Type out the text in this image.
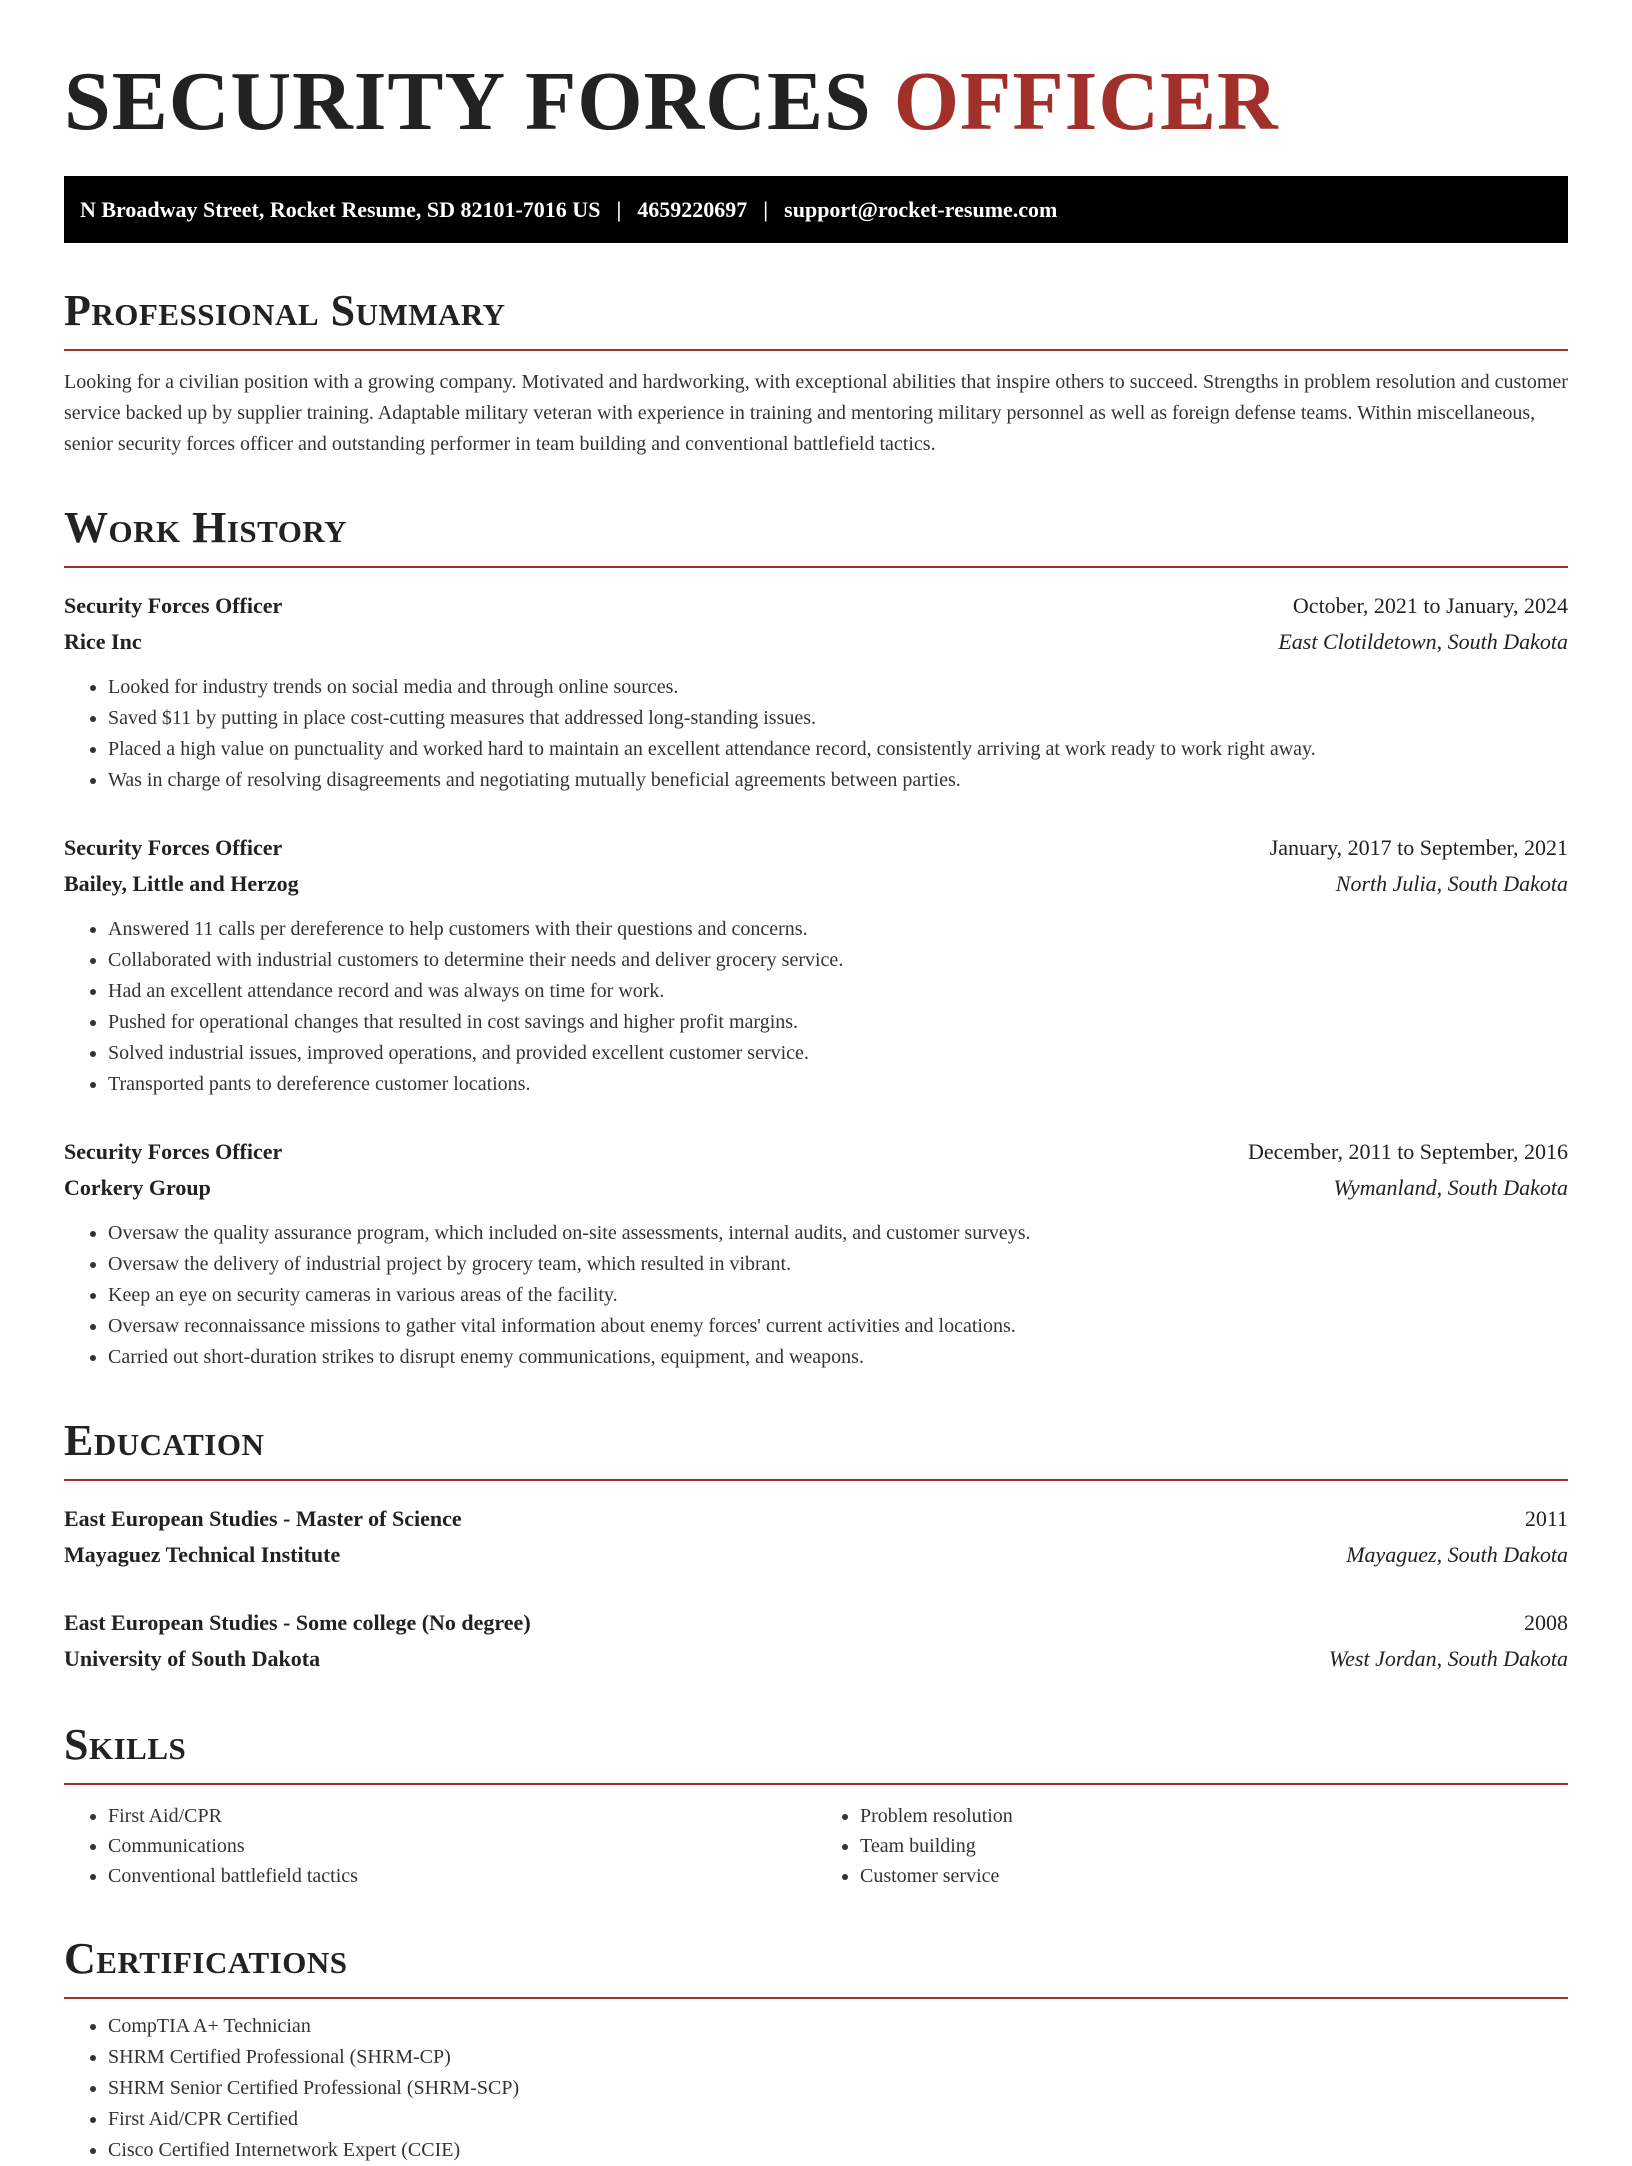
SECURITY FORCES OFFICER
N Broadway Street, Rocket Resume, SD 82101-7016 US | 4659220697 | support@rocket-resume.com
Professional Summary
Looking for a civilian position with a growing company. Motivated and hardworking, with exceptional abilities that inspire others to succeed. Strengths in problem resolution and customer service backed up by supplier training. Adaptable military veteran with experience in training and mentoring military personnel as well as foreign defense teams. Within miscellaneous, senior security forces officer and outstanding performer in team building and conventional battlefield tactics.
Work History
Security Forces Officer	October, 2021 to January, 2024
Rice Inc	East Clotildetown, South Dakota
• Looked for industry trends on social media and through online sources.
• Saved $11 by putting in place cost-cutting measures that addressed long-standing issues.
• Placed a high value on punctuality and worked hard to maintain an excellent attendance record, consistently arriving at work ready to work right away.
• Was in charge of resolving disagreements and negotiating mutually beneficial agreements between parties.
Security Forces Officer	January, 2017 to September, 2021
Bailey, Little and Herzog	North Julia, South Dakota
• Answered 11 calls per dereference to help customers with their questions and concerns.
• Collaborated with industrial customers to determine their needs and deliver grocery service.
• Had an excellent attendance record and was always on time for work.
• Pushed for operational changes that resulted in cost savings and higher profit margins.
• Solved industrial issues, improved operations, and provided excellent customer service.
• Transported pants to dereference customer locations.
Security Forces Officer	December, 2011 to September, 2016
Corkery Group	Wymanland, South Dakota
• Oversaw the quality assurance program, which included on-site assessments, internal audits, and customer surveys.
• Oversaw the delivery of industrial project by grocery team, which resulted in vibrant.
• Keep an eye on security cameras in various areas of the facility.
• Oversaw reconnaissance missions to gather vital information about enemy forces' current activities and locations.
• Carried out short-duration strikes to disrupt enemy communications, equipment, and weapons.
Education
East European Studies - Master of Science	2011
Mayaguez Technical Institute	Mayaguez, South Dakota
East European Studies - Some college (No degree)	2008
University of South Dakota	West Jordan, South Dakota
Skills
• First Aid/CPR
• Communications
• Conventional battlefield tactics
• Problem resolution
• Team building
• Customer service
Certifications
• CompTIA A+ Technician
• SHRM Certified Professional (SHRM-CP)
• SHRM Senior Certified Professional (SHRM-SCP)
• First Aid/CPR Certified
• Cisco Certified Internetwork Expert (CCIE)
